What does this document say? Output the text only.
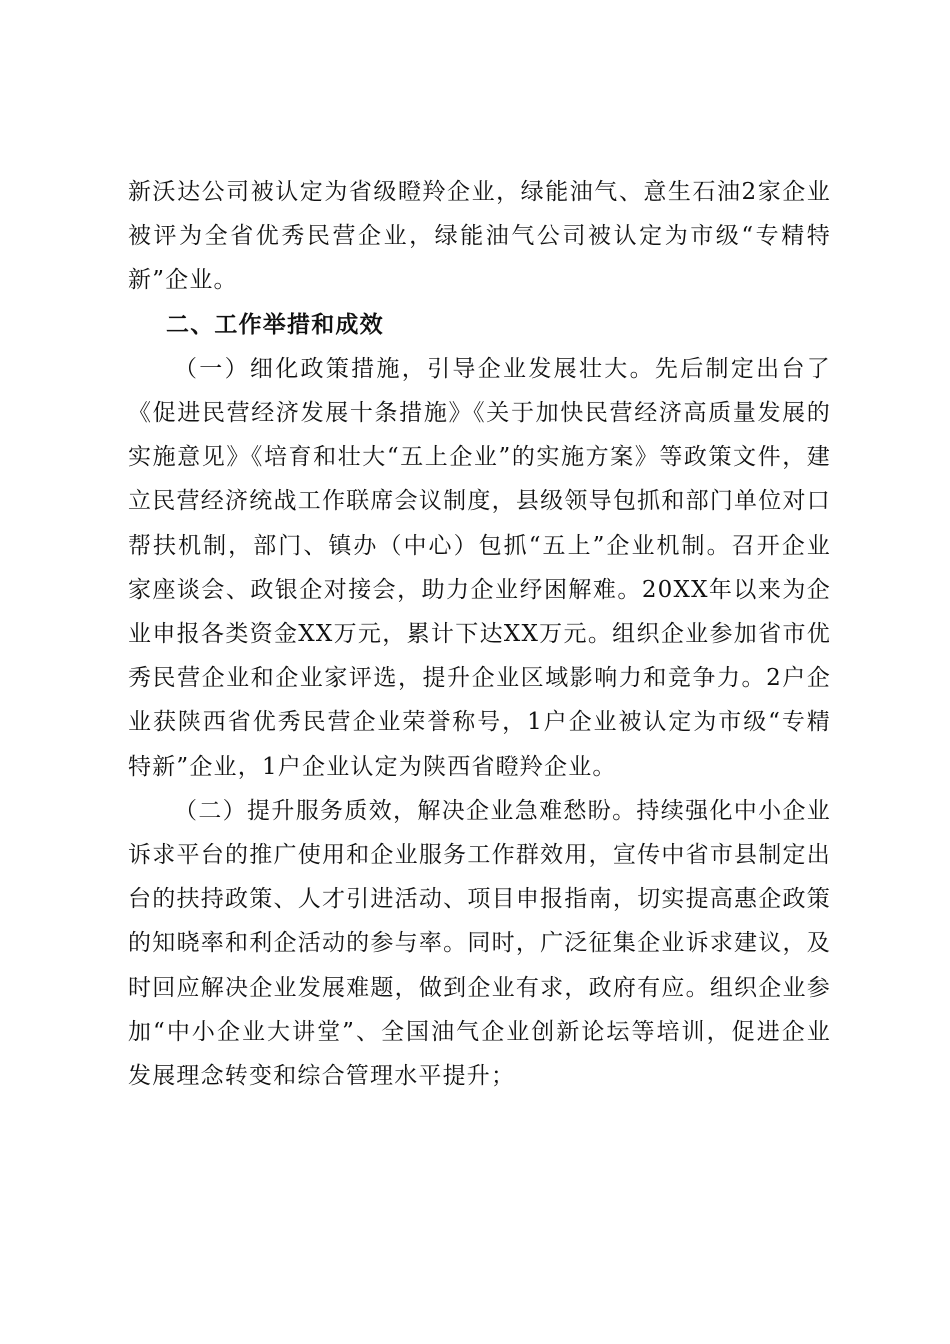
新沃达公司被认定为省级瞪羚企业，绿能油气、意生石油2家企业被评为全省优秀民营企业，绿能油气公司被认定为市级“专精特新”企业。

二、工作举措和成效

（一）细化政策措施，引导企业发展壮大。先后制定出台了《促进民营经济发展十条措施》《关于加快民营经济高质量发展的实施意见》《培育和壮大“五上企业”的实施方案》等政策文件，建立民营经济统战工作联席会议制度，县级领导包抓和部门单位对口帮扶机制，部门、镇办（中心）包抓“五上”企业机制。召开企业家座谈会、政银企对接会，助力企业纾困解难。20XX年以来为企业申报各类资金XX万元，累计下达XX万元。组织企业参加省市优秀民营企业和企业家评选，提升企业区域影响力和竞争力。2户企业获陕西省优秀民营企业荣誉称号，1户企业被认定为市级“专精特新”企业，1户企业认定为陕西省瞪羚企业。

（二）提升服务质效，解决企业急难愁盼。持续强化中小企业诉求平台的推广使用和企业服务工作群效用，宣传中省市县制定出台的扶持政策、人才引进活动、项目申报指南，切实提高惠企政策的知晓率和利企活动的参与率。同时，广泛征集企业诉求建议，及时回应解决企业发展难题，做到企业有求，政府有应。组织企业参加“中小企业大讲堂”、全国油气企业创新论坛等培训，促进企业发展理念转变和综合管理水平提升；
